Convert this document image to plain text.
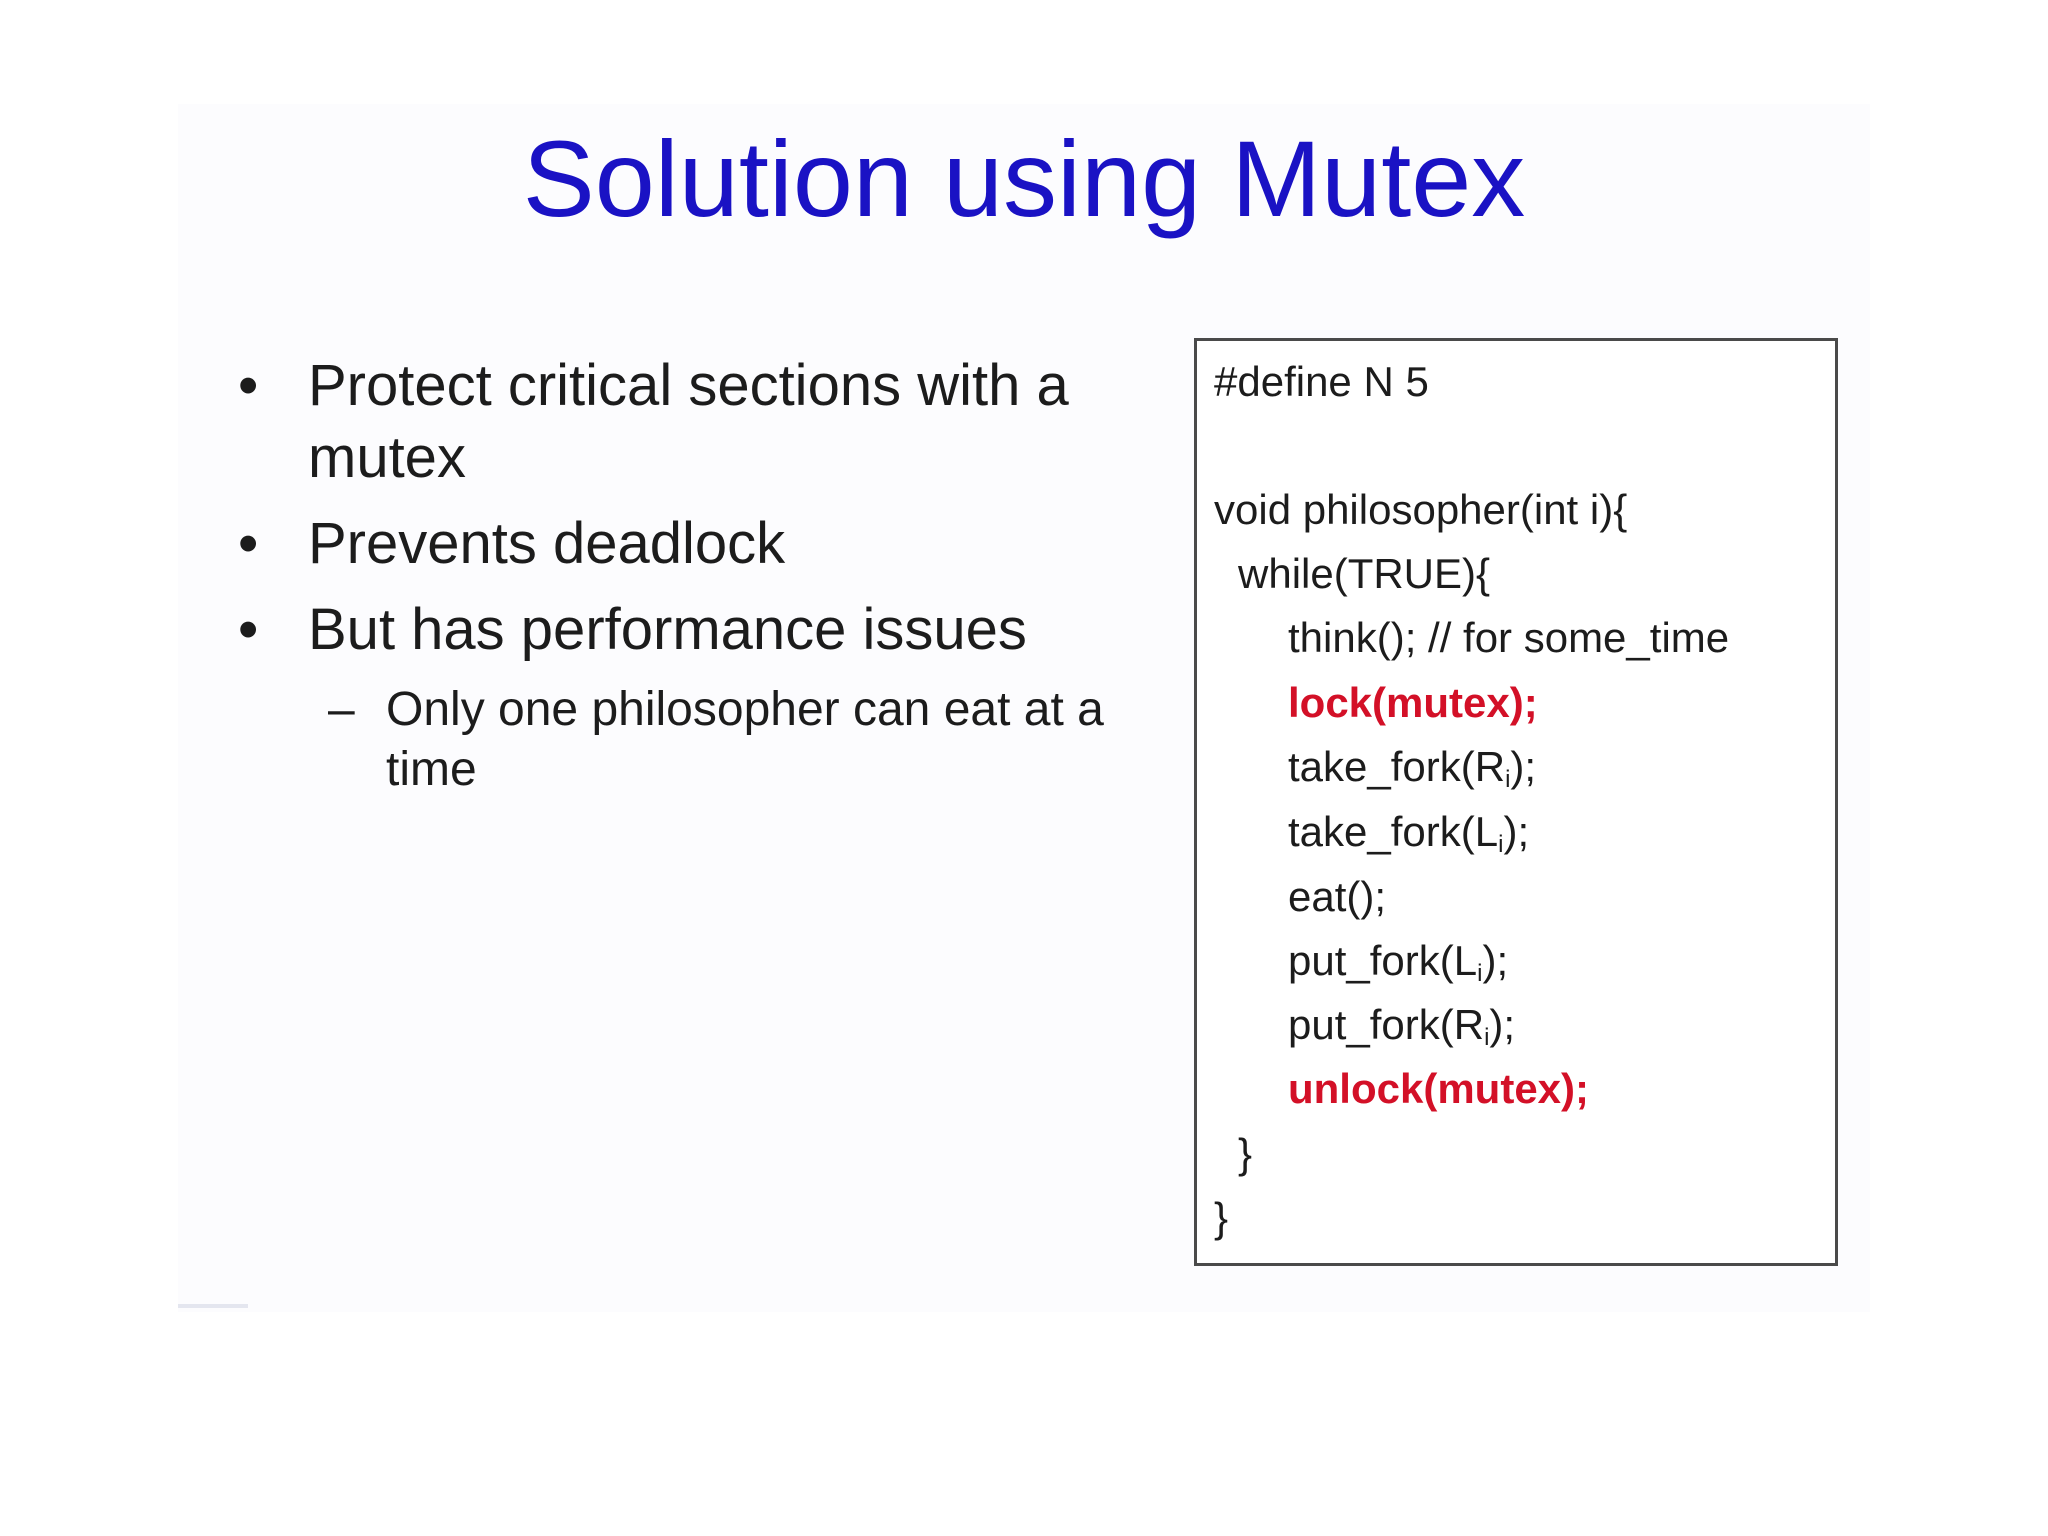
Solution using Mutex
• Protect critical sections with a mutex
• Prevents deadlock
• But has performance issues
– Only one philosopher can eat at a time
#define N 5
void philosopher(int i){
while(TRUE){
think(); // for some_time
lock(mutex);
$take\_fork(R_i)$;
$take\_fork(L_i)$;
eat();
$put\_fork(L_i)$;
$put\_fork(R_i)$;
unlock(mutex);
}
}
